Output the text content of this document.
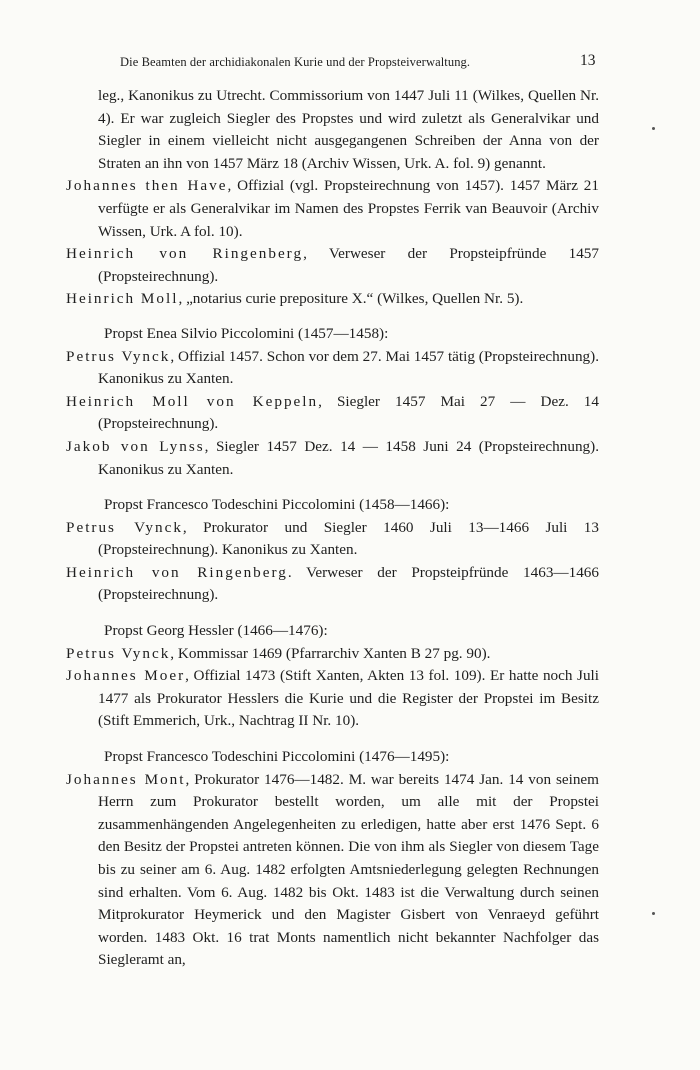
Die Beamten der archidiakonalen Kurie und der Propsteiverwaltung.	13

leg., Kanonikus zu Utrecht. Commissorium von 1447 Juli 11 (Wilkes, Quellen Nr. 4). Er war zugleich Siegler des Propstes und wird zuletzt als Generalvikar und Siegler in einem vielleicht nicht ausgegangenen Schreiben der Anna von der Straten an ihn von 1457 März 18 (Archiv Wissen, Urk. A. fol. 9) genannt.

Johannes then Have, Offizial (vgl. Propsteirechnung von 1457). 1457 März 21 verfügte er als Generalvikar im Namen des Propstes Ferrik van Beauvoir (Archiv Wissen, Urk. A fol. 10).

Heinrich von Ringenberg, Verweser der Propsteipfründe 1457 (Propsteirechnung).

Heinrich Moll, „notarius curie prepositure X.“ (Wilkes, Quellen Nr. 5).

Propst Enea Silvio Piccolomini (1457—1458):

Petrus Vynck, Offizial 1457. Schon vor dem 27. Mai 1457 tätig (Propsteirechnung). Kanonikus zu Xanten.

Heinrich Moll von Keppeln, Siegler 1457 Mai 27 — Dez. 14 (Propsteirechnung).

Jakob von Lynss, Siegler 1457 Dez. 14 — 1458 Juni 24 (Propsteirechnung). Kanonikus zu Xanten.

Propst Francesco Todeschini Piccolomini (1458—1466):

Petrus Vynck, Prokurator und Siegler 1460 Juli 13—1466 Juli 13 (Propsteirechnung). Kanonikus zu Xanten.

Heinrich von Ringenberg. Verweser der Propsteipfründe 1463—1466 (Propsteirechnung).

Propst Georg Hessler (1466—1476):

Petrus Vynck, Kommissar 1469 (Pfarrarchiv Xanten B 27 pg. 90).

Johannes Moer, Offizial 1473 (Stift Xanten, Akten 13 fol. 109). Er hatte noch Juli 1477 als Prokurator Hesslers die Kurie und die Register der Propstei im Besitz (Stift Emmerich, Urk., Nachtrag II Nr. 10).

Propst Francesco Todeschini Piccolomini (1476—1495):

Johannes Mont, Prokurator 1476—1482. M. war bereits 1474 Jan. 14 von seinem Herrn zum Prokurator bestellt worden, um alle mit der Propstei zusammenhängenden Angelegenheiten zu erledigen, hatte aber erst 1476 Sept. 6 den Besitz der Propstei antreten können. Die von ihm als Siegler von diesem Tage bis zu seiner am 6. Aug. 1482 erfolgten Amtsniederlegung gelegten Rechnungen sind erhalten. Vom 6. Aug. 1482 bis Okt. 1483 ist die Verwaltung durch seinen Mitprokurator Heymerick und den Magister Gisbert von Venraeyd geführt worden. 1483 Okt. 16 trat Monts namentlich nicht bekannter Nachfolger das Siegleramt an,
